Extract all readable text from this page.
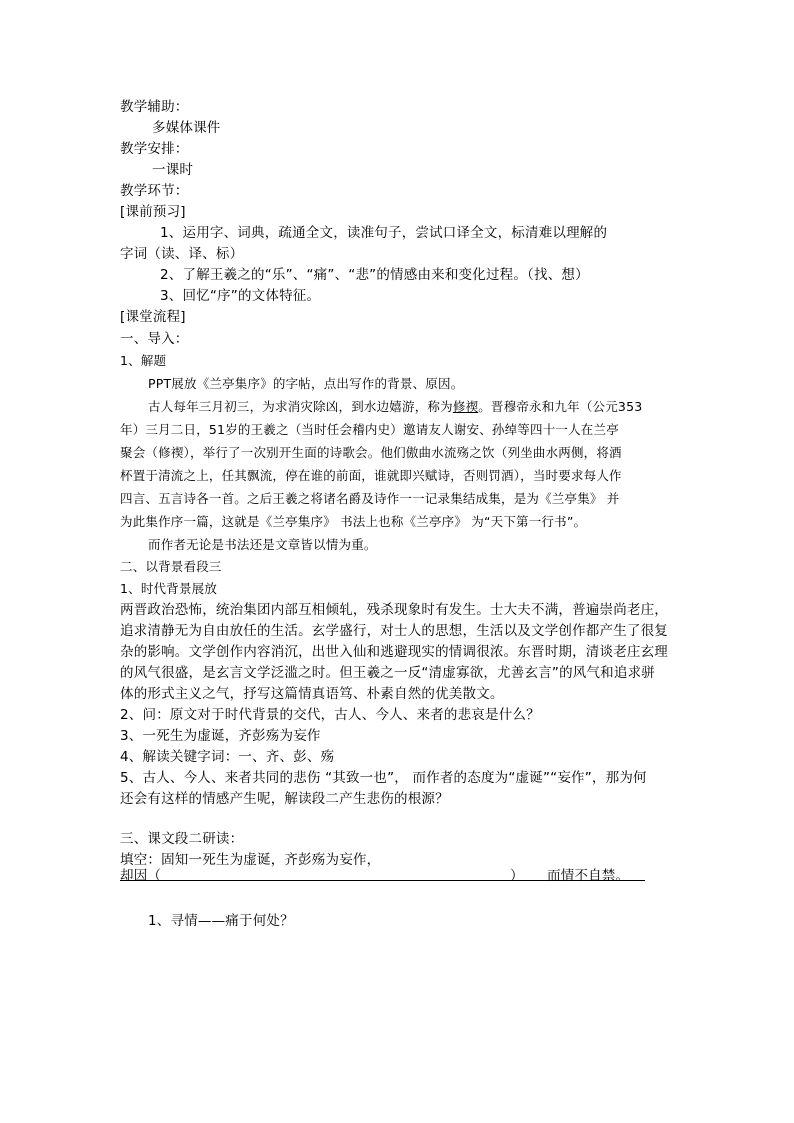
教学辅助：
多媒体课件
教学安排：
一课时
教学环节：
[课前预习]
1、运用字、词典，疏通全文，读准句子，尝试口译全文，标清难以理解的
字词（读、译、标）
2、了解王羲之的“乐”、“痛”、“悲”的情感由来和变化过程。（找、想）
3、回忆“序”的文体特征。
[课堂流程]
一、导入：
1、解题
PPT展放《兰亭集序》的字帖，点出写作的背景、原因。
古人每年三月初三，为求消灾除凶，到水边嬉游，称为修禊。晋穆帝永和九年（公元353
年）三月二日，51岁的王羲之（当时任会稽内史）邀请友人谢安、孙绰等四十一人在兰亭
聚会（修禊），举行了一次别开生面的诗歌会。他们傲曲水流殇之饮（列坐曲水两侧，将酒
杯置于清流之上，任其飘流，停在谁的前面，谁就即兴赋诗，否则罚酒），当时要求每人作
四言、五言诗各一首。之后王羲之将诸名爵及诗作一一记录集结成集，是为《兰亭集》 并
为此集作序一篇，这就是《兰亭集序》 书法上也称《兰亭序》 为“天下第一行书”。
而作者无论是书法还是文章皆以情为重。
二、以背景看段三
1、时代背景展放
两晋政治恐怖，统治集团内部互相倾轧，残杀现象时有发生。士大夫不满，普遍崇尚老庄，
追求清静无为自由放任的生活。玄学盛行，对士人的思想，生活以及文学创作都产生了很复
杂的影响。文学创作内容消沉，出世入仙和逃避现实的情调很浓。东晋时期，清谈老庄玄理
的风气很盛，是玄言文学泛滥之时。但王羲之一反“清虚寡欲，尤善玄言”的风气和追求骈
体的形式主义之气，抒写这篇情真语笃、朴素自然的优美散文。
2、问：原文对于时代背景的交代，古人、今人、来者的悲哀是什么？
3、一死生为虚诞，齐彭殇为妄作
4、解读关键字词：一、齐、彭、殇
5、古人、今人、来者共同的悲伤 “其致一也”， 而作者的态度为“虚诞”“妄作”，那为何
还会有这样的情感产生呢，解读段二产生悲伤的根源？
三、课文段二研读：
填空：固知一死生为虚诞，齐彭殇为妄作，
却因（	） 而情不自禁。
1、寻情——痛于何处？
